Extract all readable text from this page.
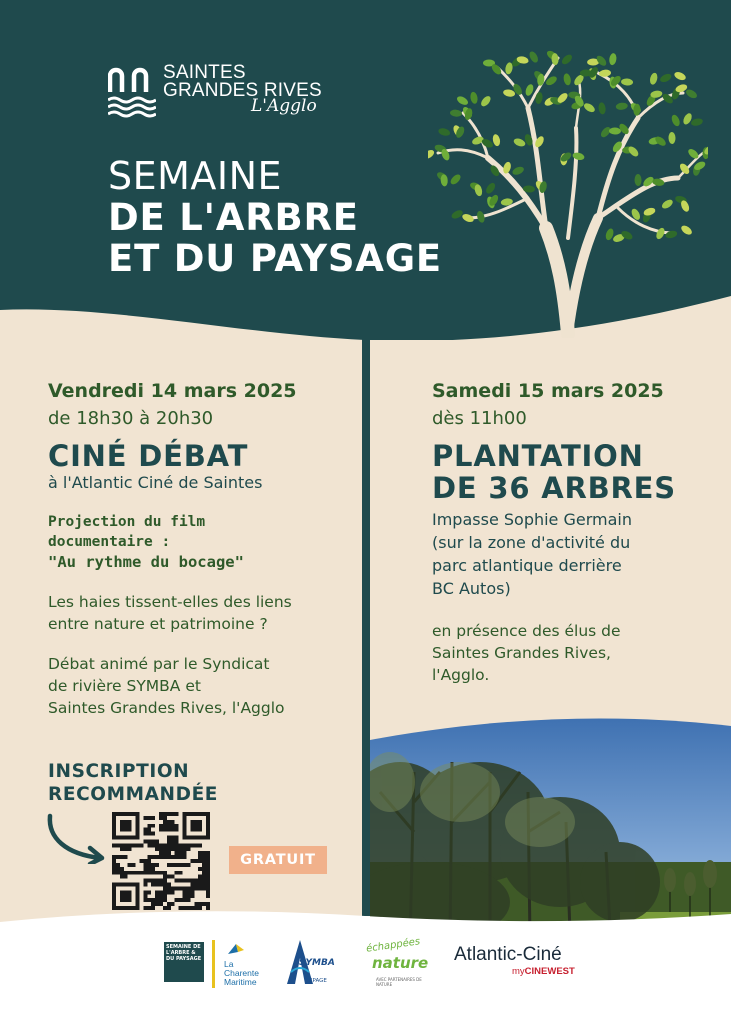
SAINTES
GRANDES RIVES
L'Agglo
SEMAINE
DE L'ARBRE
ET DU PAYSAGE
Vendredi 14 mars 2025
de 18h30 à 20h30
CINÉ DÉBAT
à l'Atlantic Ciné de Saintes
Projection du film
documentaire :
"Au rythme du bocage"
Les haies tissent-elles des liens
entre nature et patrimoine ?
Débat animé par le Syndicat
de rivière SYMBA et
Saintes Grandes Rives, l'Agglo
INSCRIPTION
RECOMMANDÉE
GRATUIT
Samedi 15 mars 2025
dès 11h00
PLANTATION
DE 36 ARBRES
Impasse Sophie Germain
(sur la zone d'activité du
parc atlantique derrière
BC Autos)
en présence des élus de
Saintes Grandes Rives,
l'Agglo.
SEMAINE DE L'ARBRE & DU PAYSAGE	La
Charente
Maritime
SYMBA
EPAGE
échappées
nature
AVEC PARTENAIRES DE NATURE
Atlantic-Ciné
myCINEWEST
